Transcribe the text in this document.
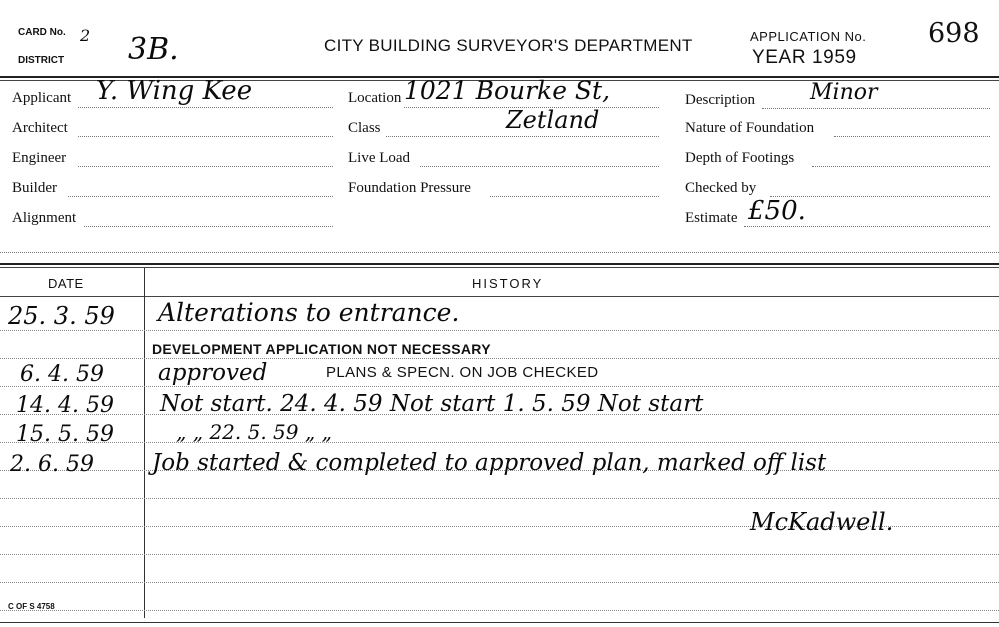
CARD No. 2
DISTRICT 3B.	CITY BUILDING SURVEYOR'S DEPARTMENT	APPLICATION No. 698
YEAR 1959
Applicant Y. Wing Kee
Architect
Engineer
Builder
Alignment
Location 1021 Bourke St,
Class	Zetland
Live Load
Foundation Pressure
Description	Minor
Nature of Foundation
Depth of Footings
Checked by
Estimate £50.
DATE	HISTORY
25. 3. 59 Alterations to entrance.
DEVELOPMENT APPLICATION NOT NECESSARY
6. 4. 59 approved	PLANS & SPECN. ON JOB CHECKED
14. 4. 59 Not start. 24. 4. 59 Not start 1. 5. 59 Not start
15. 5. 59	„ „ 22. 5. 59 „ „
2. 6. 59	Job started & completed to approved plan, marked off list
McKadwell.
C OF S 4758
